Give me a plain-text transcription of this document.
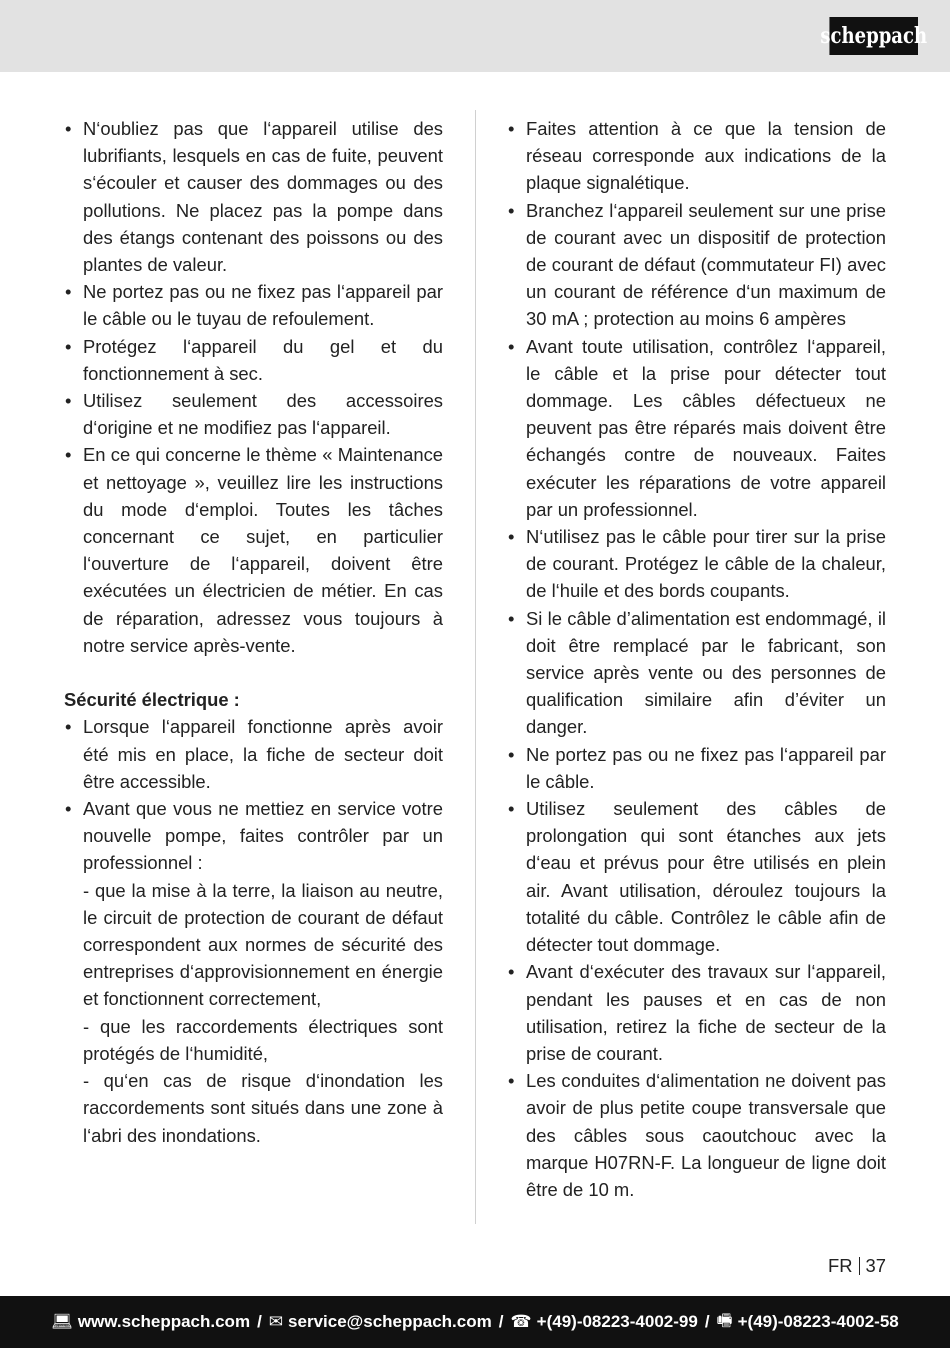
scheppach
• N‘oubliez pas que l‘appareil utilise des lubrifiants, lesquels en cas de fuite, peuvent s‘écouler et causer des dommages ou des pollutions. Ne placez pas la pompe dans des étangs contenant des poissons ou des plantes de valeur.
• Ne portez pas ou ne fixez pas l‘appareil par le câble ou le tuyau de refoulement.
• Protégez l‘appareil du gel et du fonctionnement à sec.
• Utilisez seulement des accessoires d‘origine et ne modifiez pas l‘appareil.
• En ce qui concerne le thème « Maintenance et nettoyage », veuillez lire les instructions du mode d‘emploi. Toutes les tâches concernant ce sujet, en particulier l‘ouverture de l‘appareil, doivent être exécutées un électricien de métier. En cas de réparation, adressez vous toujours à notre service après-vente.
Sécurité électrique :
• Lorsque l‘appareil fonctionne après avoir été mis en place, la fiche de secteur doit être accessible.
• Avant que vous ne mettiez en service votre nouvelle pompe, faites contrôler par un professionnel :
- que la mise à la terre, la liaison au neutre, le circuit de protection de courant de défaut correspondent aux normes de sécurité des entreprises d‘approvisionnement en énergie et fonctionnent correctement,
- que les raccordements électriques sont protégés de l‘humidité,
- qu‘en cas de risque d‘inondation les raccordements sont situés dans une zone à l‘abri des inondations.
• Faites attention à ce que la tension de réseau corresponde aux indications de la plaque signalétique.
• Branchez l‘appareil seulement sur une prise de courant avec un dispositif de protection de courant de défaut (commutateur FI) avec un courant de référence d‘un maximum de 30 mA ; protection au moins 6 ampères
• Avant toute utilisation, contrôlez l‘appareil, le câble et la prise pour détecter tout dommage. Les câbles défectueux ne peuvent pas être réparés mais doivent être échangés contre de nouveaux. Faites exécuter les réparations de votre appareil par un professionnel.
• N‘utilisez pas le câble pour tirer sur la prise de courant. Protégez le câble de la chaleur, de l‘huile et des bords coupants.
• Si le câble d’alimentation est endommagé, il doit être remplacé par le fabricant, son service après vente ou des personnes de qualification similaire afin d’éviter un danger.
• Ne portez pas ou ne fixez pas l‘appareil par le câble.
• Utilisez seulement des câbles de prolongation qui sont étanches aux jets d‘eau et prévus pour être utilisés en plein air. Avant utilisation, déroulez toujours la totalité du câble. Contrôlez le câble afin de détecter tout dommage.
• Avant d‘exécuter des travaux sur l‘appareil, pendant les pauses et en cas de non utilisation, retirez la fiche de secteur de la prise de courant.
• Les conduites d‘alimentation ne doivent pas avoir de plus petite coupe transversale que des câbles sous caoutchouc avec la marque H07RN-F. La longueur de ligne doit être de 10 m.
FR 37
💻︎ www.scheppach.com / ✉︎ service@scheppach.com / ☎︎ +(49)-08223-4002-99 / 🖷︎ +(49)-08223-4002-58
